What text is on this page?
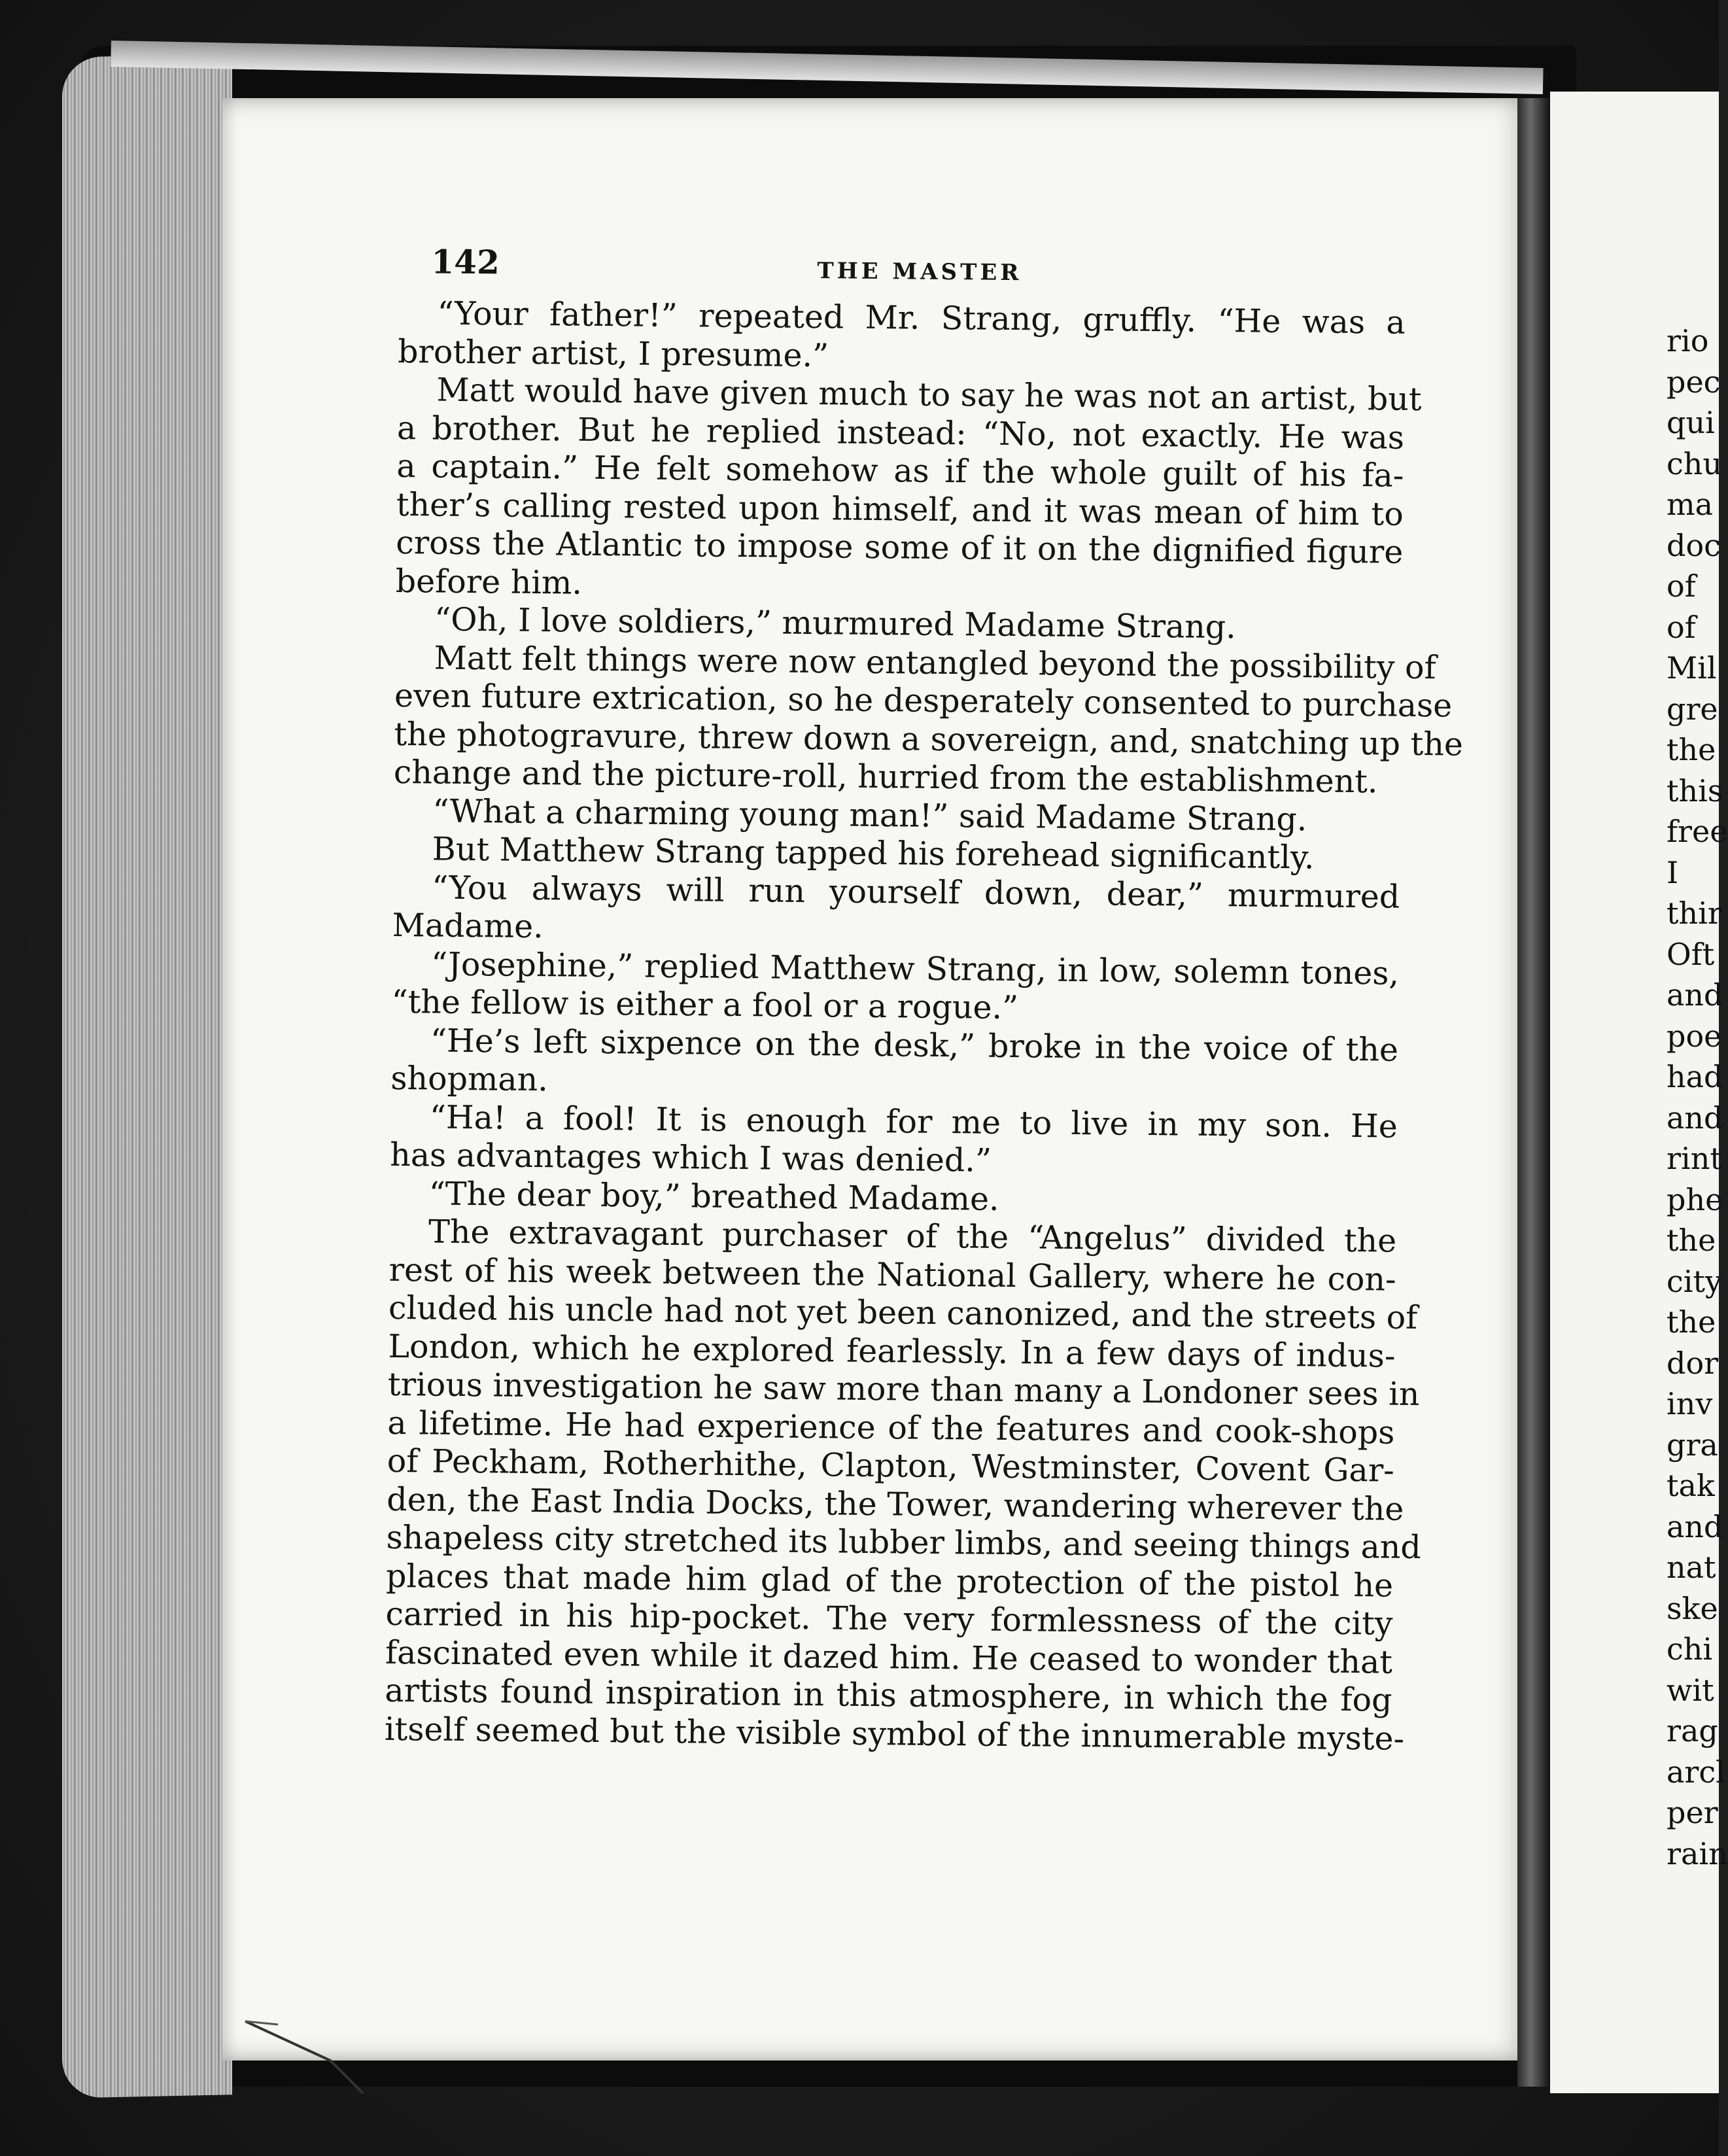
142	THE MASTER
“Your father!” repeated Mr. Strang, gruffly. “He was a
brother artist, I presume.”
Matt would have given much to say he was not an artist, but
a brother. But he replied instead: “No, not exactly. He was
a captain.” He felt somehow as if the whole guilt of his fa-
ther’s calling rested upon himself, and it was mean of him to
cross the Atlantic to impose some of it on the dignified figure
before him.
“Oh, I love soldiers,” murmured Madame Strang.
Matt felt things were now entangled beyond the possibility of
even future extrication, so he desperately consented to purchase
the photogravure, threw down a sovereign, and, snatching up the
change and the picture-roll, hurried from the establishment.
“What a charming young man!” said Madame Strang.
But Matthew Strang tapped his forehead significantly.
“You always will run yourself down, dear,” murmured
Madame.
“Josephine,” replied Matthew Strang, in low, solemn tones,
“the fellow is either a fool or a rogue.”
“He’s left sixpence on the desk,” broke in the voice of the
shopman.
“Ha! a fool! It is enough for me to live in my son. He
has advantages which I was denied.”
“The dear boy,” breathed Madame.
The extravagant purchaser of the “Angelus” divided the
rest of his week between the National Gallery, where he con-
cluded his uncle had not yet been canonized, and the streets of
London, which he explored fearlessly. In a few days of indus-
trious investigation he saw more than many a Londoner sees in
a lifetime. He had experience of the features and cook-shops
of Peckham, Rotherhithe, Clapton, Westminster, Covent Gar-
den, the East India Docks, the Tower, wandering wherever the
shapeless city stretched its lubber limbs, and seeing things and
places that made him glad of the protection of the pistol he
carried in his hip-pocket. The very formlessness of the city
fascinated even while it dazed him. He ceased to wonder that
artists found inspiration in this atmosphere, in which the fog
itself seemed but the visible symbol of the innumerable myste-
rio
pec
qui
chu
ma
doc
of
of
Mil
gre
the
this
free
I
thir
Oft
and
poe
had
and
rint
phe
the
city
the
dor
inv
gra
tak
and
nat
ske
chi
wit
rag
arcl
per
rain
